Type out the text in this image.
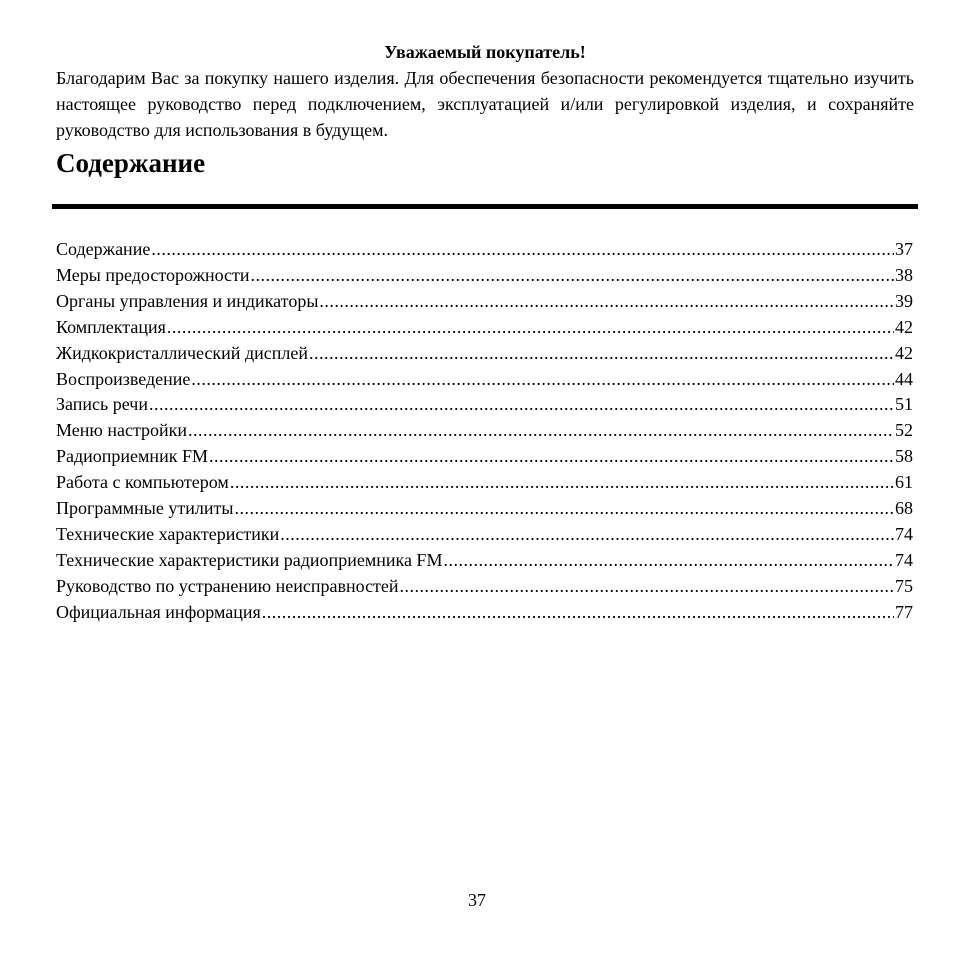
Уважаемый покупатель!

Благодарим Вас за покупку нашего изделия. Для обеспечения безопасности рекомендуется тщательно изучить настоящее руководство перед подключением, эксплуатацией и/или регулировкой изделия, и сохраняйте руководство для использования в будущем.

Содержание
Содержание .....	37
Меры предосторожности .....	38
Органы управления и индикаторы .....	39
Комплектация .....	42
Жидкокристаллический дисплей .....	42
Воспроизведение .....	44
Запись речи .....	51
Меню настройки .....	52
Радиоприемник FM .....	58
Работа с компьютером .....	61
Программные утилиты .....	68
Технические характеристики .....	74
Технические характеристики радиоприемника FM .....	74
Руководство по устранению неисправностей .....	75
Официальная информация .....	77
37
